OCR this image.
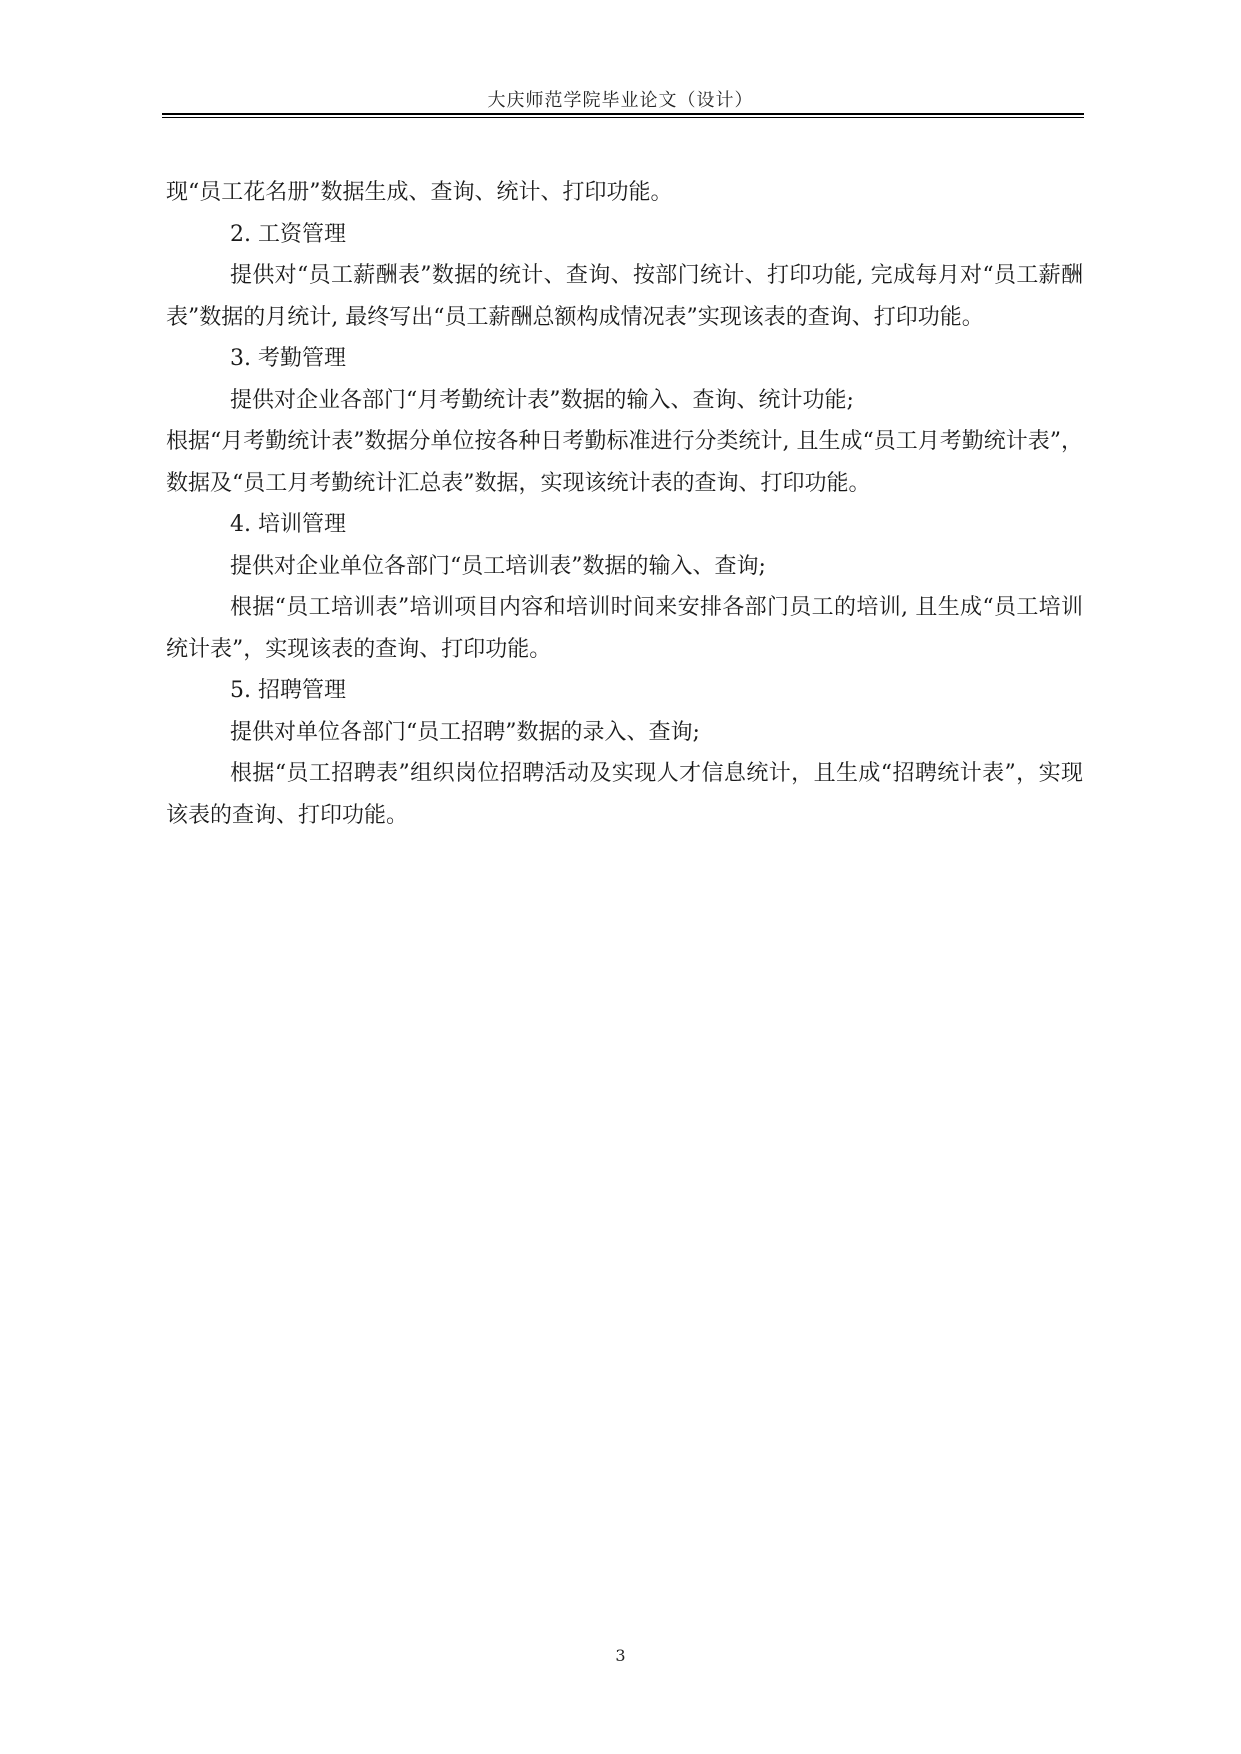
大庆师范学院毕业论文（设计）

现“员工花名册”数据生成、查询、统计、打印功能。

2. 工资管理

提供对“员工薪酬表”数据的统计、查询、按部门统计、打印功能, 完成每月对“员工薪酬表”数据的月统计, 最终写出“员工薪酬总额构成情况表”实现该表的查询、打印功能。

3. 考勤管理

提供对企业各部门“月考勤统计表”数据的输入、查询、统计功能;

根据“月考勤统计表”数据分单位按各种日考勤标准进行分类统计, 且生成“员工月考勤统计表”，数据及“员工月考勤统计汇总表”数据，实现该统计表的查询、打印功能。

4. 培训管理

提供对企业单位各部门“员工培训表”数据的输入、查询;

根据“员工培训表”培训项目内容和培训时间来安排各部门员工的培训, 且生成“员工培训统计表”，实现该表的查询、打印功能。

5. 招聘管理

提供对单位各部门“员工招聘”数据的录入、查询;

根据“员工招聘表”组织岗位招聘活动及实现人才信息统计，且生成“招聘统计表”，实现该表的查询、打印功能。

3
